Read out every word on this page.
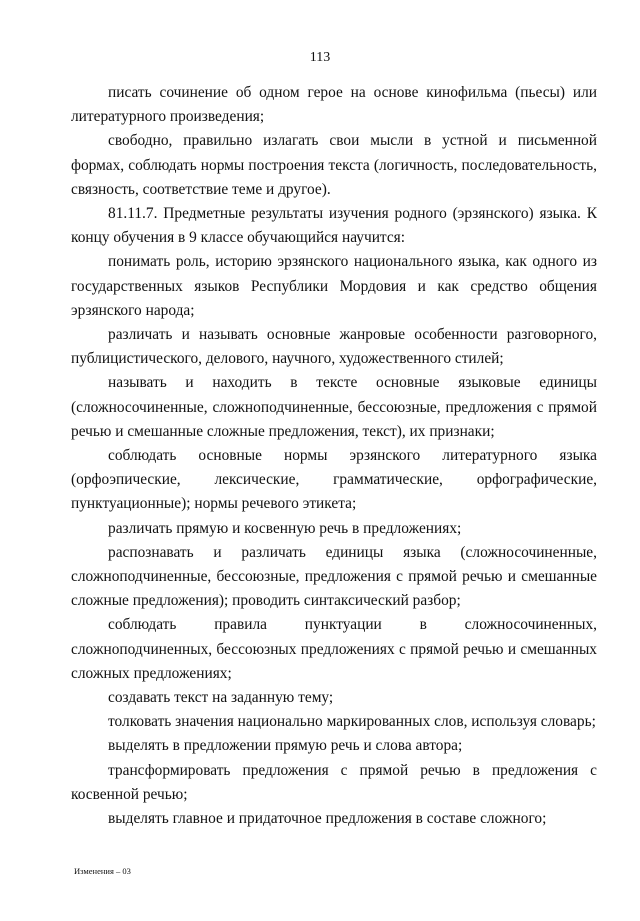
113

писать сочинение об одном герое на основе кинофильма (пьесы) или литературного произведения;

свободно, правильно излагать свои мысли в устной и письменной формах, соблюдать нормы построения текста (логичность, последовательность, связность, соответствие теме и другое).

81.11.7. Предметные результаты изучения родного (эрзянского) языка. К концу обучения в 9 классе обучающийся научится:

понимать роль, историю эрзянского национального языка, как одного из государственных языков Республики Мордовия и как средство общения эрзянского народа;

различать и называть основные жанровые особенности разговорного, публицистического, делового, научного, художественного стилей;

называть и находить в тексте основные языковые единицы (сложносочиненные, сложноподчиненные, бессоюзные, предложения с прямой речью и смешанные сложные предложения, текст), их признаки;

соблюдать основные нормы эрзянского литературного языка (орфоэпические, лексические, грамматические, орфографические, пунктуационные); нормы речевого этикета;

различать прямую и косвенную речь в предложениях;

распознавать и различать единицы языка (сложносочиненные, сложноподчиненные, бессоюзные, предложения с прямой речью и смешанные сложные предложения); проводить синтаксический разбор;

соблюдать правила пунктуации в сложносочиненных, сложноподчиненных, бессоюзных предложениях с прямой речью и смешанных сложных предложениях;

создавать текст на заданную тему;

толковать значения национально маркированных слов, используя словарь;

выделять в предложении прямую речь и слова автора;

трансформировать предложения с прямой речью в предложения с косвенной речью;

выделять главное и придаточное предложения в составе сложного;

Изменения – 03
